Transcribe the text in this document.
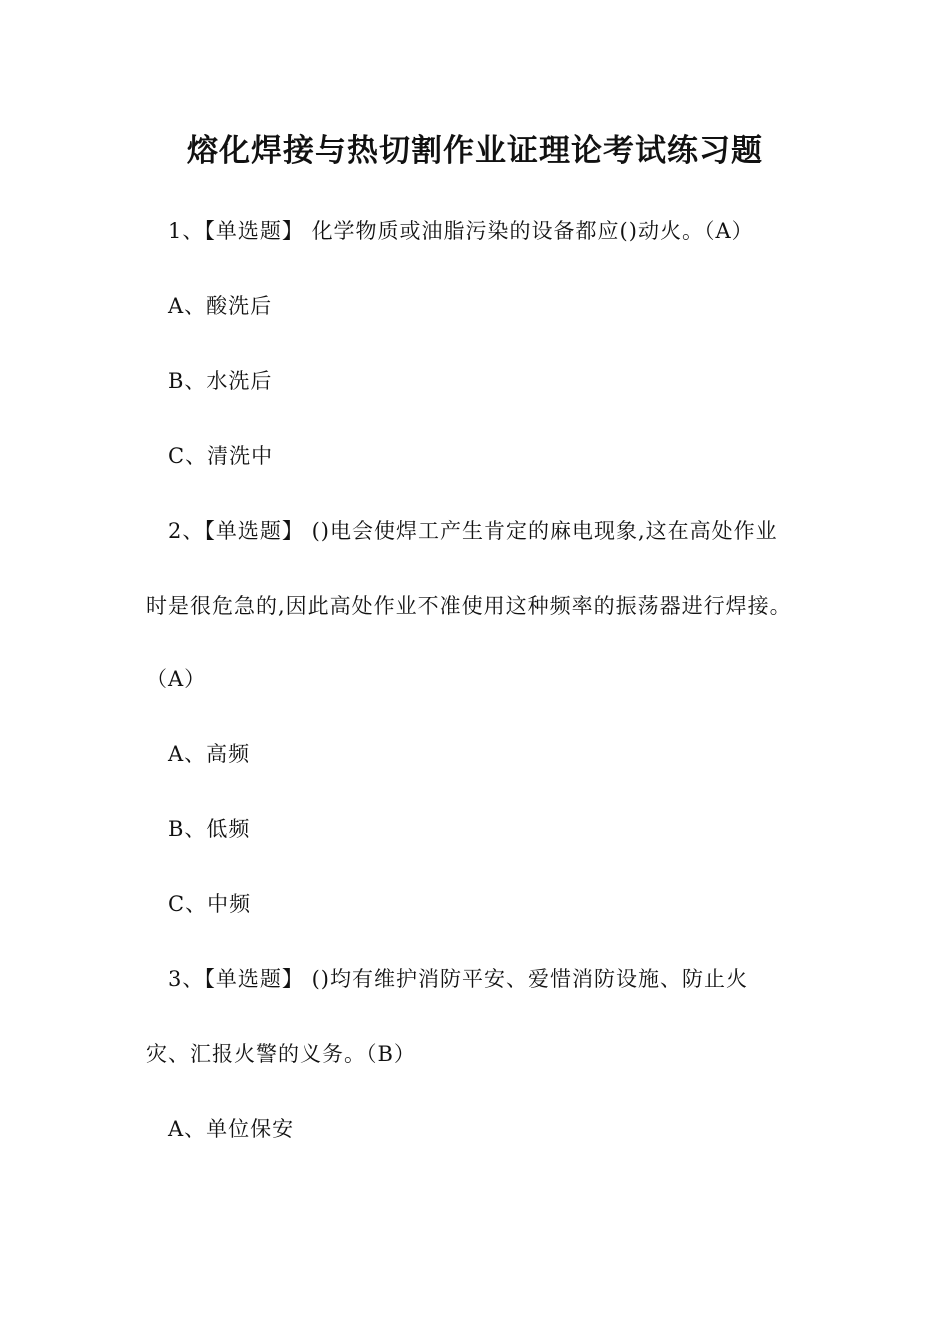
熔化焊接与热切割作业证理论考试练习题
1、【单选题】 化学物质或油脂污染的设备都应()动火。（A）
A、酸洗后
B、水洗后
C、清洗中
2、【单选题】 ()电会使焊工产生肯定的麻电现象,这在高处作业
时是很危急的,因此高处作业不准使用这种频率的振荡器进行焊接。
（A）
A、高频
B、低频
C、中频
3、【单选题】 ()均有维护消防平安、爱惜消防设施、防止火
灾、汇报火警的义务。（B）
A、单位保安
